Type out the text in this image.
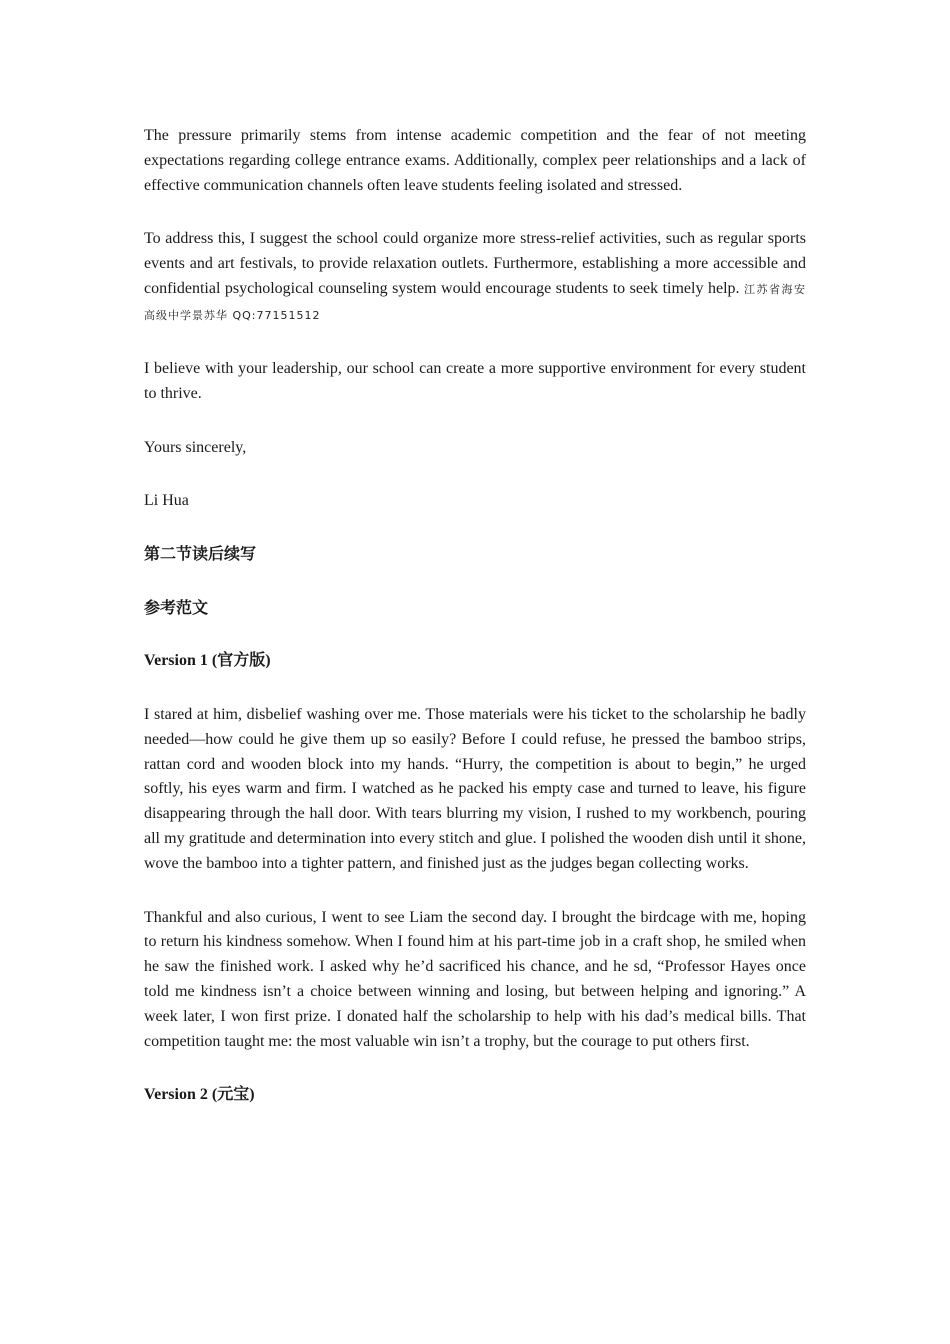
The pressure primarily stems from intense academic competition and the fear of not meeting expectations regarding college entrance exams. Additionally, complex peer relationships and a lack of effective communication channels often leave students feeling isolated and stressed.

To address this, I suggest the school could organize more stress-relief activities, such as regular sports events and art festivals, to provide relaxation outlets. Furthermore, establishing a more accessible and confidential psychological counseling system would encourage students to seek timely help. 江苏省海安高级中学景苏华 QQ:77151512

I believe with your leadership, our school can create a more supportive environment for every student to thrive.

Yours sincerely,

Li Hua

第二节读后续写

参考范文

Version 1 (官方版)

I stared at him, disbelief washing over me. Those materials were his ticket to the scholarship he badly needed—how could he give them up so easily? Before I could refuse, he pressed the bamboo strips, rattan cord and wooden block into my hands. “Hurry, the competition is about to begin,” he urged softly, his eyes warm and firm. I watched as he packed his empty case and turned to leave, his figure disappearing through the hall door. With tears blurring my vision, I rushed to my workbench, pouring all my gratitude and determination into every stitch and glue. I polished the wooden dish until it shone, wove the bamboo into a tighter pattern, and finished just as the judges began collecting works.

Thankful and also curious, I went to see Liam the second day. I brought the birdcage with me, hoping to return his kindness somehow. When I found him at his part-time job in a craft shop, he smiled when he saw the finished work. I asked why he’d sacrificed his chance, and he sd, “Professor Hayes once told me kindness isn’t a choice between winning and losing, but between helping and ignoring.” A week later, I won first prize. I donated half the scholarship to help with his dad’s medical bills. That competition taught me: the most valuable win isn’t a trophy, but the courage to put others first.

Version 2 (元宝)
